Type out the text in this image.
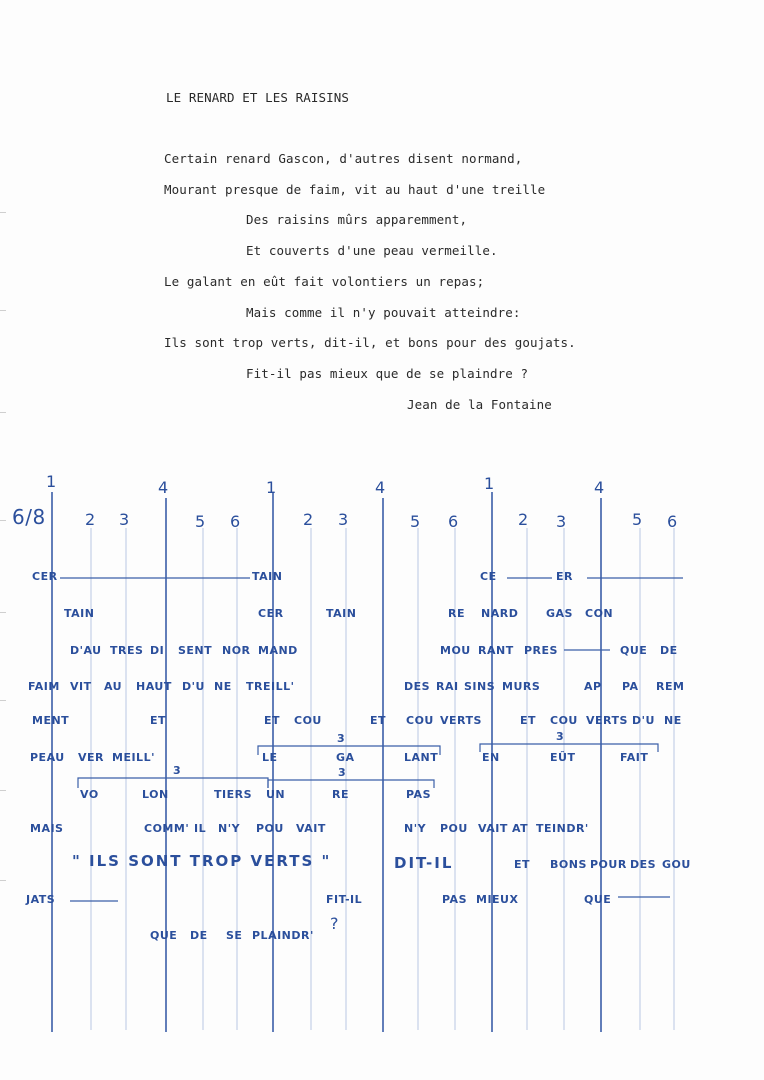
LE RENARD ET LES RAISINS
Certain renard Gascon, d'autres disent normand,
Mourant presque de faim, vit au haut d'une treille
Des raisins mûrs apparemment,
Et couverts d'une peau vermeille.
Le galant en eût fait volontiers un repas;
Mais comme il n'y pouvait atteindre:
Ils sont trop verts, dit-il, et bons pour des goujats.
Fit-il pas mieux que de se plaindre ?
Jean de la Fontaine
6/8
1
2 3
4
5 6
1
2 3
4
5 6
1
2 3
4
5 6
3	3
3	3
CER	TAIN	CE	ER
TAIN	CER	TAIN	RE NARD	GAS CON
D'AU TRES DI SENT NOR MAND	MOU RANT PRES	QUE DE
FAIM VIT AU HAUT D'U NE TREILL'	DES RAI SINS MURS	AP PA REM
MENT	ET	ET COU	ET COU VERTS	ET COU VERTS D'U NE
PEAU VER MEILL'	LE	GA	LANT	EN	EÛT	FAIT
VO	LON	TIERS UN	RE	PAS
MAIS	COMM' IL N'Y POU VAIT	N'Y POU VAIT AT TEINDR'
" ILS SONT TROP VERTS "	DIT-IL	ET BONS POUR DES GOU
JATS	FIT-IL	PAS MIEUX	QUE
QUE DE SE PLAINDR'
?
